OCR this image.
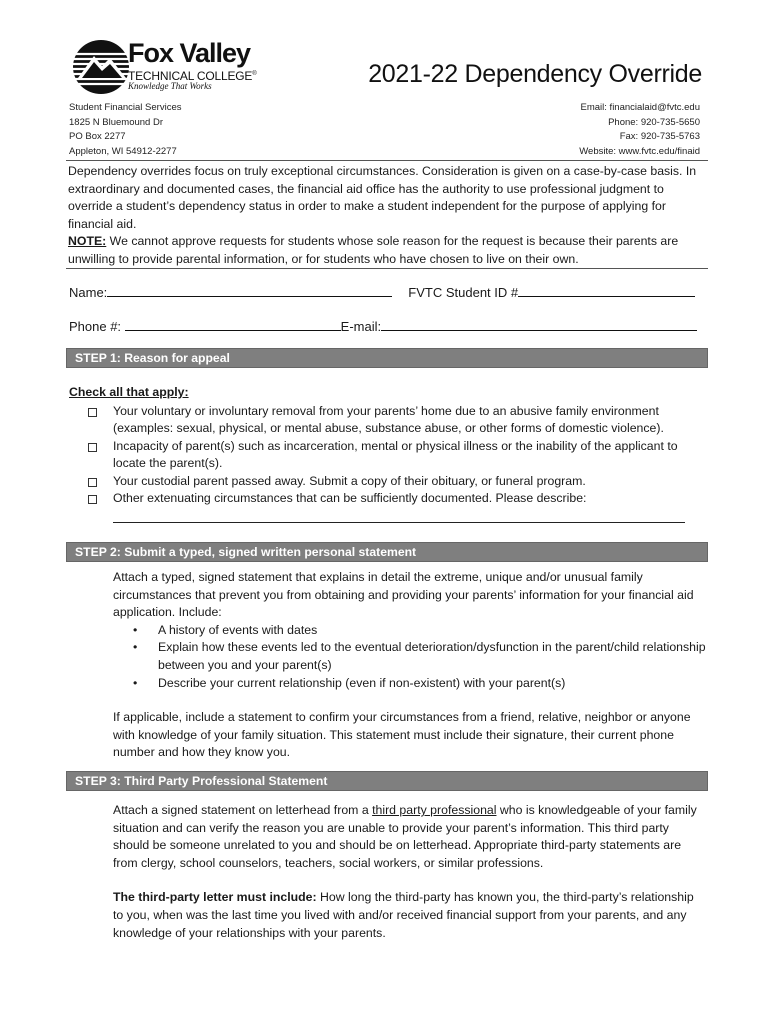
Fox Valley
TECHNICAL COLLEGE®
Knowledge That Works	2021-22 Dependency Override
Student Financial Services
1825 N Bluemound Dr
PO Box 2277
Appleton, WI 54912-2277
Email: financialaid@fvtc.edu
Phone: 920-735-5650
Fax: 920-735-5763
Website: www.fvtc.edu/finaid

Dependency overrides focus on truly exceptional circumstances. Consideration is given on a case-by-case basis. In extraordinary and documented cases, the financial aid office has the authority to use professional judgment to override a student’s dependency status in order to make a student independent for the purpose of applying for financial aid.

NOTE: We cannot approve requests for students whose sole reason for the request is because their parents are unwilling to provide parental information, or for students who have chosen to live on their own.

Name:	FVTC Student ID #
Phone #:	E-mail:
STEP 1: Reason for appeal
Check all that apply:
Your voluntary or involuntary removal from your parents’ home due to an abusive family environment (examples: sexual, physical, or mental abuse, substance abuse, or other forms of domestic violence).
Incapacity of parent(s) such as incarceration, mental or physical illness or the inability of the applicant to locate the parent(s).
Your custodial parent passed away. Submit a copy of their obituary, or funeral program.
Other extenuating circumstances that can be sufficiently documented. Please describe:
STEP 2: Submit a typed, signed written personal statement

Attach a typed, signed statement that explains in detail the extreme, unique and/or unusual family circumstances that prevent you from obtaining and providing your parents’ information for your financial aid application. Include:

• A history of events with dates
• Explain how these events led to the eventual deterioration/dysfunction in the parent/child relationship between you and your parent(s)
• Describe your current relationship (even if non-existent) with your parent(s)

If applicable, include a statement to confirm your circumstances from a friend, relative, neighbor or anyone with knowledge of your family situation. This statement must include their signature, their current phone number and how they know you.

STEP 3: Third Party Professional Statement

Attach a signed statement on letterhead from a third party professional who is knowledgeable of your family situation and can verify the reason you are unable to provide your parent’s information. This third party should be someone unrelated to you and should be on letterhead. Appropriate third-party statements are from clergy, school counselors, teachers, social workers, or similar professions.

The third-party letter must include: How long the third-party has known you, the third-party’s relationship to you, when was the last time you lived with and/or received financial support from your parents, and any knowledge of your relationships with your parents.
